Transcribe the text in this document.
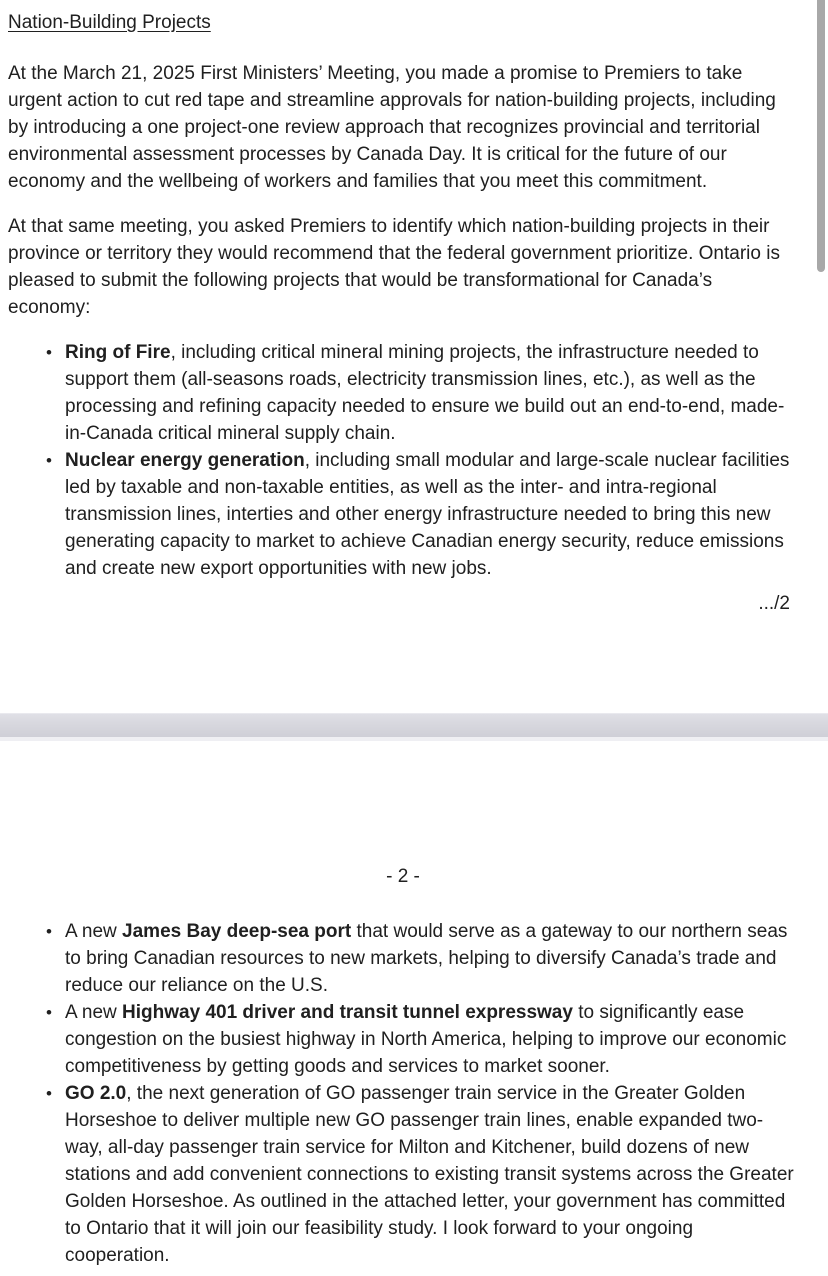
Nation-Building Projects

At the March 21, 2025 First Ministers’ Meeting, you made a promise to Premiers to take urgent action to cut red tape and streamline approvals for nation-building projects, including by introducing a one project-one review approach that recognizes provincial and territorial environmental assessment processes by Canada Day. It is critical for the future of our economy and the wellbeing of workers and families that you meet this commitment.

At that same meeting, you asked Premiers to identify which nation-building projects in their province or territory they would recommend that the federal government prioritize. Ontario is pleased to submit the following projects that would be transformational for Canada’s economy:

• Ring of Fire, including critical mineral mining projects, the infrastructure needed to support them (all-seasons roads, electricity transmission lines, etc.), as well as the processing and refining capacity needed to ensure we build out an end-to-end, made-in-Canada critical mineral supply chain.
• Nuclear energy generation, including small modular and large-scale nuclear facilities led by taxable and non-taxable entities, as well as the inter- and intra-regional transmission lines, interties and other energy infrastructure needed to bring this new generating capacity to market to achieve Canadian energy security, reduce emissions and create new export opportunities with new jobs.
.../2
- 2 -
• A new James Bay deep-sea port that would serve as a gateway to our northern seas to bring Canadian resources to new markets, helping to diversify Canada’s trade and reduce our reliance on the U.S.
• A new Highway 401 driver and transit tunnel expressway to significantly ease congestion on the busiest highway in North America, helping to improve our economic competitiveness by getting goods and services to market sooner.
• GO 2.0, the next generation of GO passenger train service in the Greater Golden Horseshoe to deliver multiple new GO passenger train lines, enable expanded two-way, all-day passenger train service for Milton and Kitchener, build dozens of new stations and add convenient connections to existing transit systems across the Greater Golden Horseshoe. As outlined in the attached letter, your government has committed to Ontario that it will join our feasibility study. I look forward to your ongoing cooperation.
